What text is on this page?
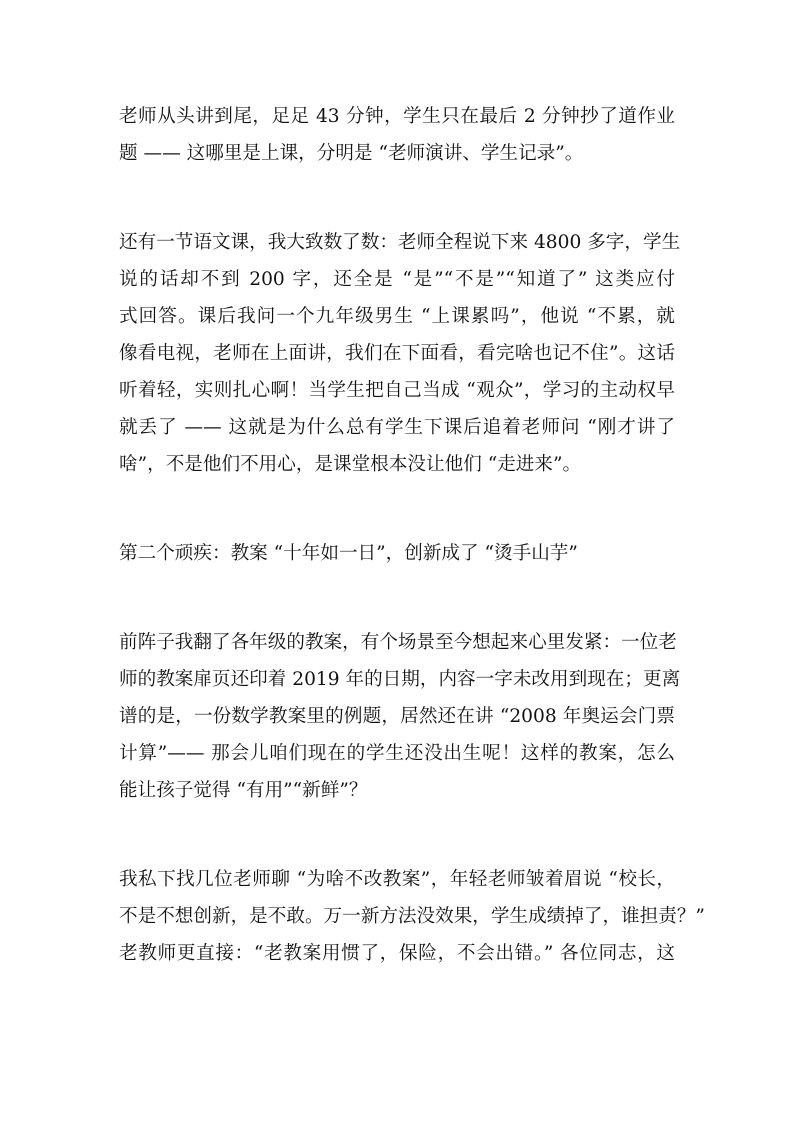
老师从头讲到尾，足足 43 分钟，学生只在最后 2 分钟抄了道作业
题 —— 这哪里是上课，分明是 “老师演讲、学生记录”。

还有一节语文课，我大致数了数：老师全程说下来 4800 多字，学生
说的话却不到 200 字，还全是 “是”“不是”“知道了” 这类应付
式回答。课后我问一个九年级男生 “上课累吗”，他说 “不累，就
像看电视，老师在上面讲，我们在下面看，看完啥也记不住”。这话
听着轻，实则扎心啊！当学生把自己当成 “观众”，学习的主动权早
就丢了 —— 这就是为什么总有学生下课后追着老师问 “刚才讲了
啥”，不是他们不用心，是课堂根本没让他们 “走进来”。

第二个顽疾：教案 “十年如一日”，创新成了 “烫手山芋”

前阵子我翻了各年级的教案，有个场景至今想起来心里发紧：一位老
师的教案扉页还印着 2019 年的日期，内容一字未改用到现在；更离
谱的是，一份数学教案里的例题，居然还在讲 “2008 年奥运会门票
计算”—— 那会儿咱们现在的学生还没出生呢！这样的教案，怎么
能让孩子觉得 “有用”“新鲜”？

我私下找几位老师聊 “为啥不改教案”，年轻老师皱着眉说 “校长，
不是不想创新，是不敢。万一新方法没效果，学生成绩掉了，谁担责？”
老教师更直接：“老教案用惯了，保险，不会出错。” 各位同志，这
